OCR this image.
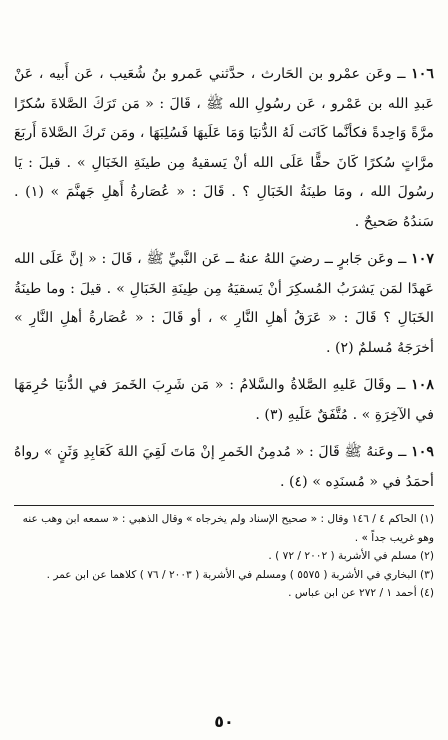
١٠٦ ــ وعَن عمْرو بن الحَارث ، حدَّثني عَمرو بنُ شُعَيب ، عَن أَبيه ، عَنْ عَبدِ الله بن عَمْرو ، عَن رسُولِ الله ﷺ ، قَالَ : « مَن تَرَكَ الصَّلاةَ سُكرًا مرَّةً وَاحِدةً فكأنَّما كَانَت لَهُ الدُّنيَا وَمَا عَلَيهَا فَسُلِبَهَا ، ومَن تَركَ الصَّلاةَ أَربَعَ مرَّاتٍ سُكرًا كَانَ حقًّا عَلَى الله أنْ يَسقيهُ مِن طينَةِ الخَبَالِ » . قيلَ : يَا رسُولَ الله ، ومَا طينَةُ الخَبَالِ ؟ . قَالَ : « عُصَارةُ أَهلِ جَهنَّمَ » (١) . سَندُهُ صَحيحٌ .

١٠٧ ــ وعَن جَابرٍ ــ رضيَ اللهُ عنهُ ــ عَن النَّبيِّ ﷺ ، قَالَ : « إنَّ عَلَى الله عَهدًا لمَن يَشرَبُ المُسكِرَ أنْ يَسقيَهُ مِن طِينَةِ الخَبَالِ » . قيلَ : وما طينَةُ الخَبَالِ ؟ قَالَ : « عَرَقُ أهلِ النَّارِ » ، أو قَالَ : « عُصَارةُ أهلِ النَّارِ » أخرَجَهُ مُسلمٌ (٢) .

١٠٨ ــ وقَالَ عَليهِ الصَّلاةُ والسَّلامُ : « مَن شَرِبَ الخَمرَ في الدُّنيَا حُرِمَهَا في الآخِرَةِ » . مُتَّفَقٌ عَلَيهِ (٣) .

١٠٩ ــ وعَنهُ ﷺ قَالَ : « مُدمِنُ الخَمرِ إنْ مَاتَ لَقِيَ اللهَ كَعَابِدِ وَثَنٍ » رواهُ أحمَدُ في « مُسنَدِه » (٤) .

(١) الحاكم ٤ / ١٤٦ وقال : « صحيح الإسناد ولم يخرجاه » وقال الذهبي : « سمعه ابن وهب عنه وهو غريب جداً » .

(٢) مسلم في الأشربة ( ٢٠٠٢ / ٧٢ ) .

(٣) البخاري في الأشربة ( ٥٥٧٥ ) ومسلم في الأشربة ( ٢٠٠٣ / ٧٦ ) كلاهما عن ابن عمر .

(٤) أحمد ١ / ٢٧٢ عن ابن عباس .

٥٠
